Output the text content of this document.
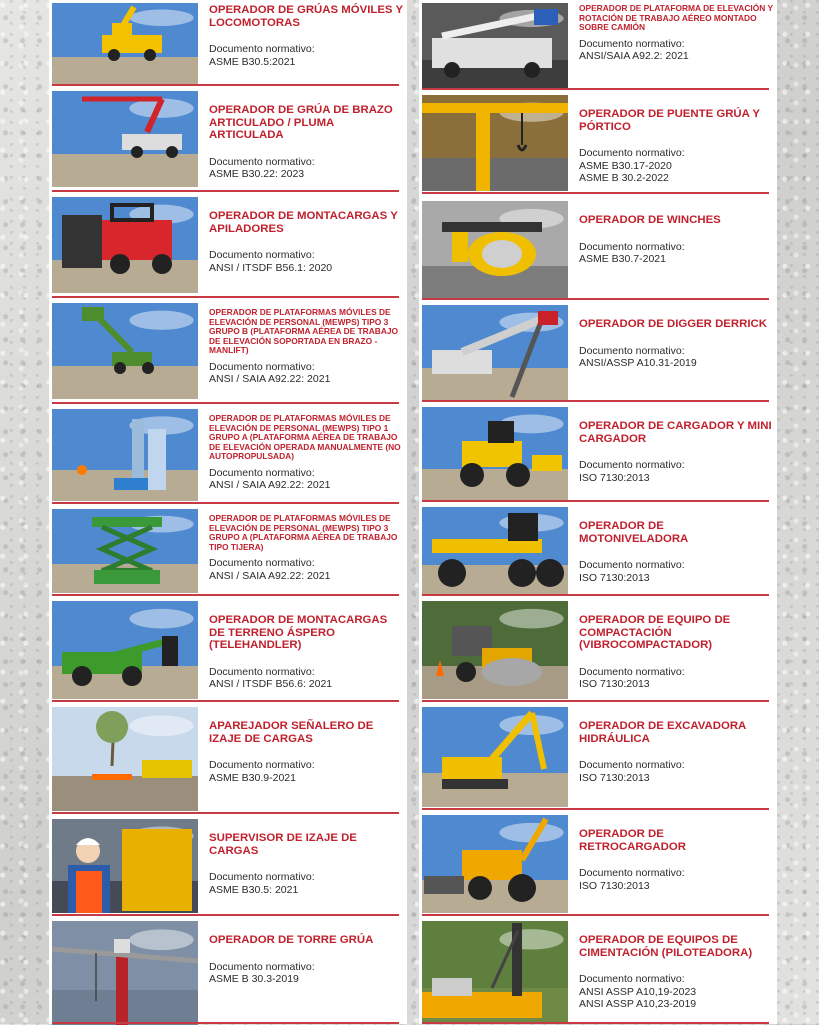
OPERADOR DE GRÚAS MÓVILES Y LOCOMOTORAS
Documento normativo:
ASME B30.5:2021
OPERADOR DE GRÚA DE BRAZO ARTICULADO / PLUMA ARTICULADA
Documento normativo:
ASME B30.22: 2023
OPERADOR DE MONTACARGAS Y APILADORES
Documento normativo:
ANSI / ITSDF B56.1: 2020
OPERADOR DE PLATAFORMAS MÓVILES DE ELEVACIÓN DE PERSONAL (MEWPS) TIPO 3 GRUPO B (PLATAFORMA AÉREA DE TRABAJO DE ELEVACIÓN SOPORTADA EN BRAZO - MANLIFT)
Documento normativo:
ANSI / SAIA A92.22: 2021
OPERADOR DE PLATAFORMAS MÓVILES DE ELEVACIÓN DE PERSONAL (MEWPS) TIPO 1 GRUPO A (PLATAFORMA AÉREA DE TRABAJO DE ELEVACIÓN OPERADA MANUALMENTE (NO AUTOPROPULSADA)
Documento normativo:
ANSI / SAIA A92.22: 2021
OPERADOR DE PLATAFORMAS MÓVILES DE ELEVACIÓN DE PERSONAL (MEWPS) TIPO 3 GRUPO A (PLATAFORMA AÉREA DE TRABAJO TIPO TIJERA)
Documento normativo:
ANSI / SAIA A92.22: 2021
OPERADOR DE MONTACARGAS DE TERRENO ÁSPERO (TELEHANDLER)
Documento normativo:
ANSI / ITSDF B56.6: 2021
APAREJADOR SEÑALERO DE IZAJE DE CARGAS
Documento normativo:
ASME B30.9-2021
SUPERVISOR DE IZAJE DE CARGAS
Documento normativo:
ASME B30.5: 2021
OPERADOR DE TORRE GRÚA
Documento normativo:
ASME B 30.3-2019
OPERADOR DE PLATAFORMA DE ELEVACIÓN Y ROTACIÓN DE TRABAJO AÉREO MONTADO SOBRE CAMIÓN
Documento normativo:
ANSI/SAIA A92.2: 2021
OPERADOR DE PUENTE GRÚA Y PÓRTICO
Documento normativo:
ASME B30.17-2020
ASME B 30.2-2022
OPERADOR DE WINCHES
Documento normativo:
ASME B30.7-2021
OPERADOR DE DIGGER DERRICK
Documento normativo:
ANSI/ASSP A10.31-2019
OPERADOR DE CARGADOR Y MINI CARGADOR
Documento normativo:
ISO 7130:2013
OPERADOR DE MOTONIVELADORA
Documento normativo:
ISO 7130:2013
OPERADOR DE EQUIPO DE COMPACTACIÓN (VIBROCOMPACTADOR)
Documento normativo:
ISO 7130:2013
OPERADOR DE EXCAVADORA HIDRÁULICA
Documento normativo:
ISO 7130:2013
OPERADOR DE RETROCARGADOR
Documento normativo:
ISO 7130:2013
OPERADOR DE EQUIPOS DE CIMENTACIÓN (PILOTEADORA)
Documento normativo:
ANSI ASSP A10,19-2023
ANSI ASSP A10,23-2019
